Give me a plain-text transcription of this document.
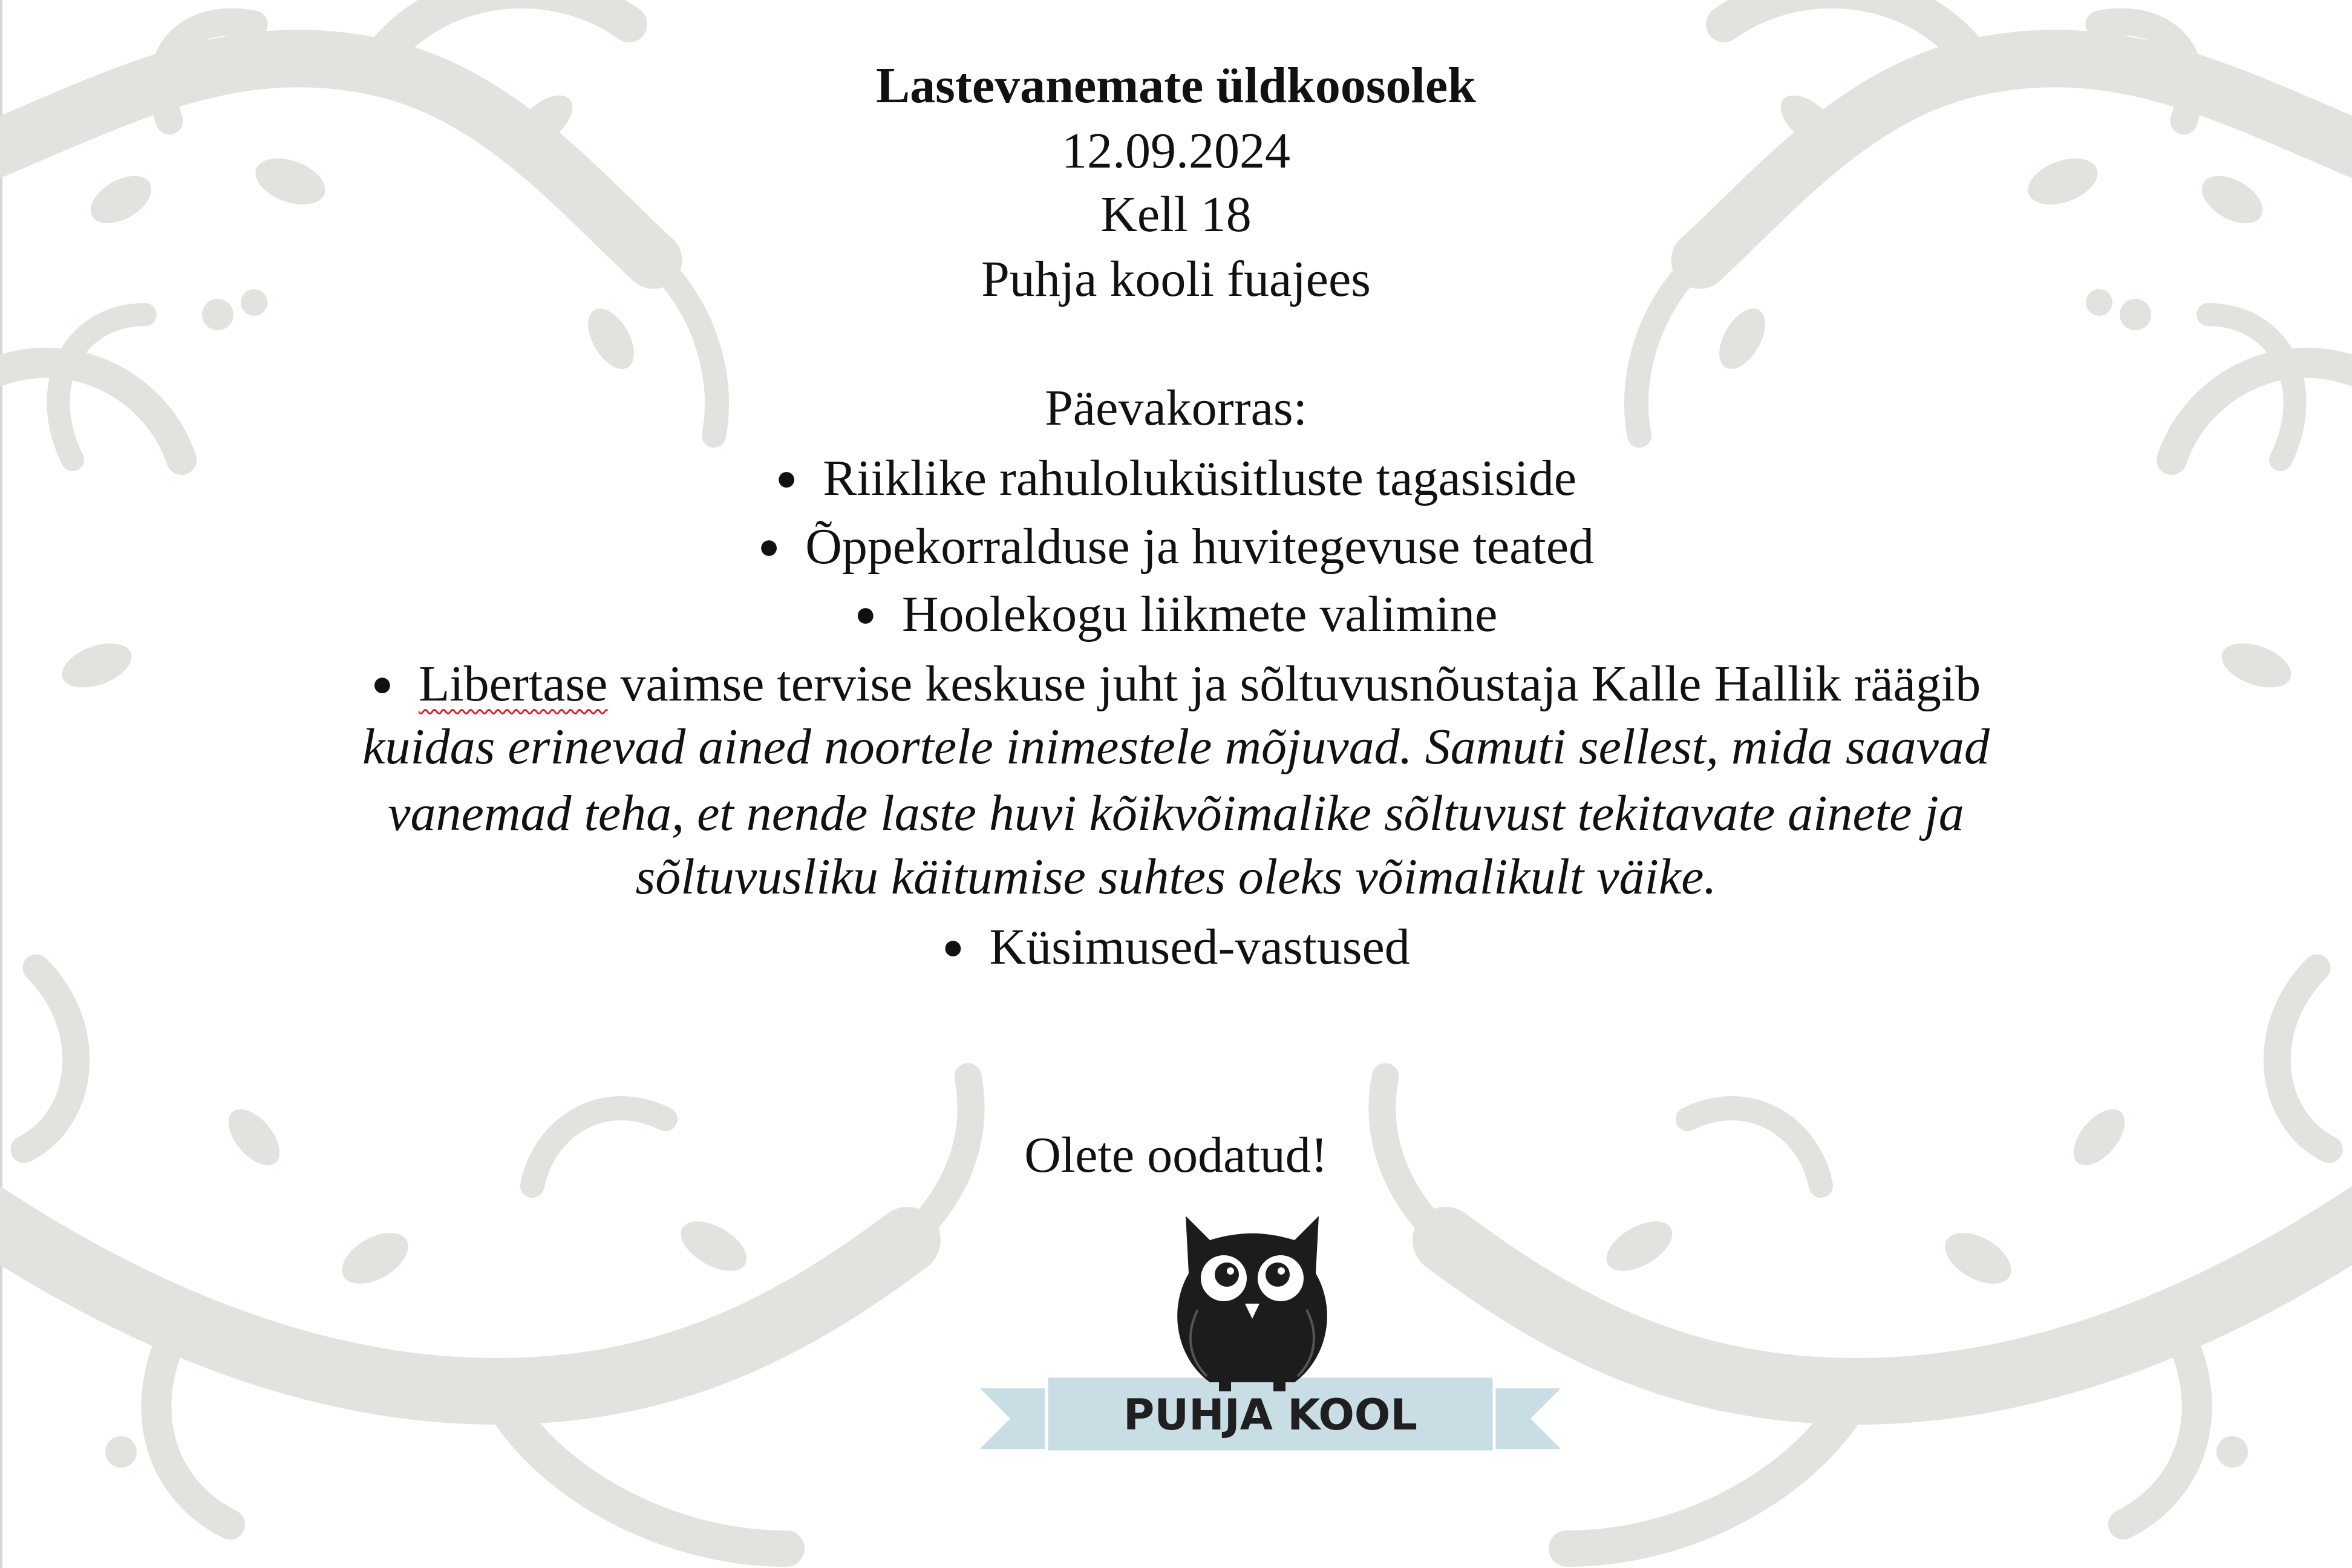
Lastevanemate üldkoosolek
12.09.2024
Kell 18
Puhja kooli fuajees
Päevakorras:
● Riiklike rahuloluküsitluste tagasiside
● Õppekorralduse ja huvitegevuse teated
● Hoolekogu liikmete valimine
● Libertase vaimse tervise keskuse juht ja sõltuvusnõustaja Kalle Hallik räägib
kuidas erinevad ained noortele inimestele mõjuvad. Samuti sellest, mida saavad
vanemad teha, et nende laste huvi kõikvõimalike sõltuvust tekitavate ainete ja
sõltuvusliku käitumise suhtes oleks võimalikult väike.
● Küsimused-vastused
Olete oodatud!
PUHJA KOOL
